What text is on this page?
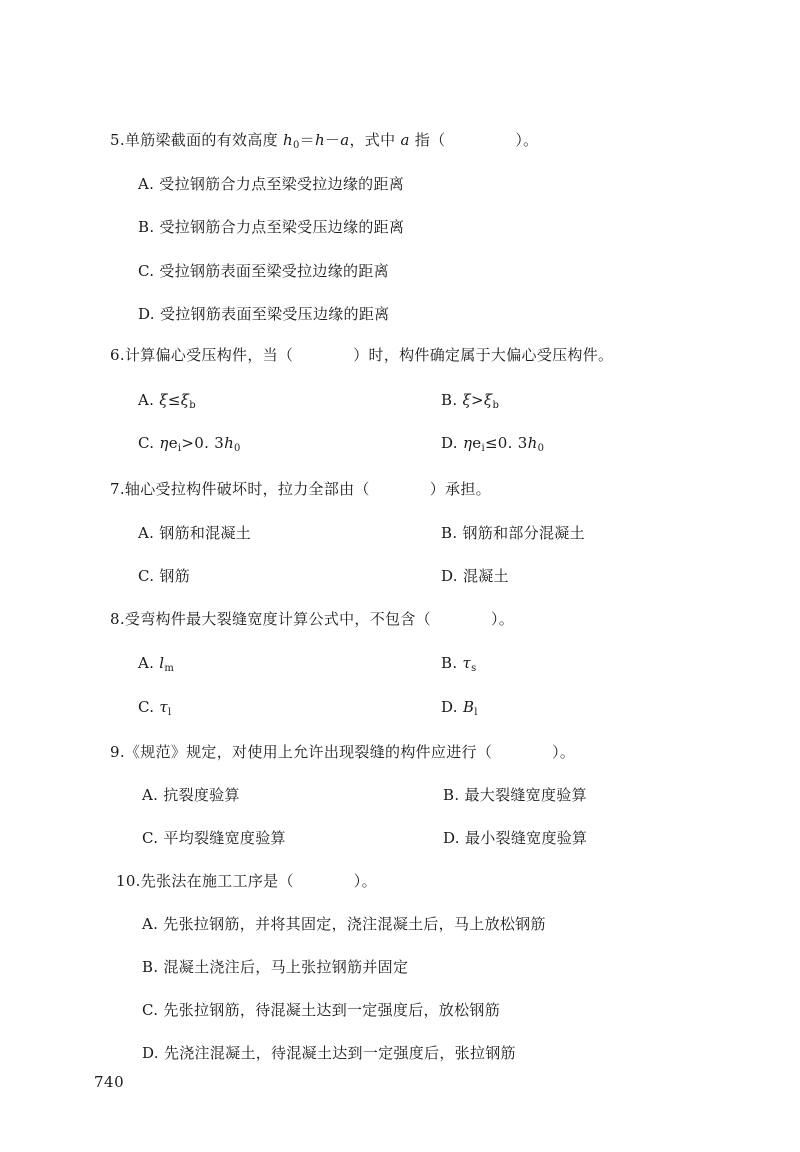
5.单筋梁截面的有效高度 $h_0=h-a$，式中 a 指（	）。
A. 受拉钢筋合力点至梁受拉边缘的距离
B. 受拉钢筋合力点至梁受压边缘的距离
C. 受拉钢筋表面至梁受拉边缘的距离
D. 受拉钢筋表面至梁受压边缘的距离
6.计算偏心受压构件，当（	）时，构件确定属于大偏心受压构件。
A. $\xi\le\xi_b$	B. $\xi>\xi_b$
C. $\eta e_i>0$. $3h_0$	D. $\eta e_i\le 0$. $3h_0$
7.轴心受拉构件破坏时，拉力全部由（	）承担。
A. 钢筋和混凝土	B. 钢筋和部分混凝土
C. 钢筋	D. 混凝土
8.受弯构件最大裂缝宽度计算公式中，不包含（	）。
A. $l_m$	B. $\tau_s$
C. $\tau_l$	D. $B_l$
9.《规范》规定，对使用上允许出现裂缝的构件应进行（	）。
A. 抗裂度验算	B. 最大裂缝宽度验算
C. 平均裂缝宽度验算	D. 最小裂缝宽度验算
10.先张法在施工工序是（	）。
A. 先张拉钢筋，并将其固定，浇注混凝土后，马上放松钢筋
B. 混凝土浇注后，马上张拉钢筋并固定
C. 先张拉钢筋，待混凝土达到一定强度后，放松钢筋
D. 先浇注混凝土，待混凝土达到一定强度后，张拉钢筋
740
